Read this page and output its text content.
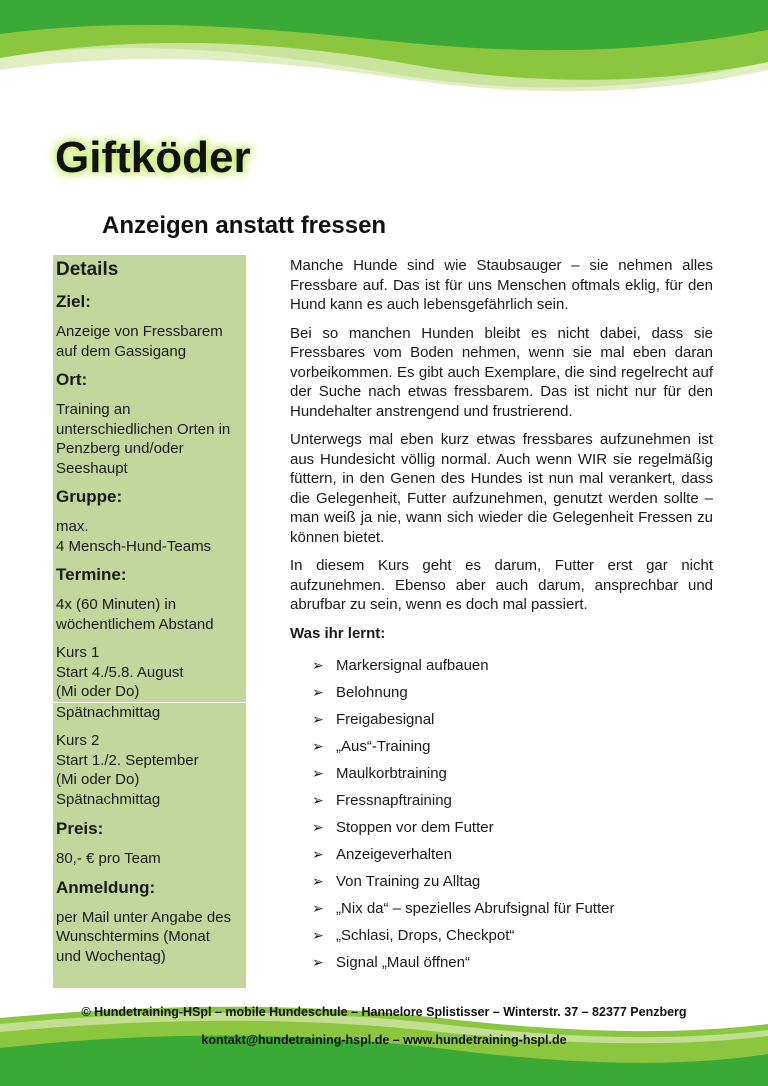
Giftköder
Anzeigen anstatt fressen
Details
Ziel:

Anzeige von Fressbarem
auf dem Gassigang

Ort:

Training an
unterschiedlichen Orten in
Penzberg und/oder
Seeshaupt

Gruppe:

max.
4 Mensch-Hund-Teams

Termine:

4x (60 Minuten) in
wöchentlichem Abstand

Kurs 1
Start 4./5.8. August
(Mi oder Do)

Spätnachmittag

Kurs 2
Start 1./2. September
(Mi oder Do)
Spätnachmittag

Preis:

80,- € pro Team

Anmeldung:

per Mail unter Angabe des
Wunschtermins (Monat
und Wochentag)

Manche Hunde sind wie Staubsauger – sie nehmen alles Fressbare auf. Das ist für uns Menschen oftmals eklig, für den Hund kann es auch lebensgefährlich sein.

Bei so manchen Hunden bleibt es nicht dabei, dass sie Fressbares vom Boden nehmen, wenn sie mal eben daran vorbeikommen. Es gibt auch Exemplare, die sind regelrecht auf der Suche nach etwas fressbarem. Das ist nicht nur für den Hundehalter anstrengend und frustrierend.

Unterwegs mal eben kurz etwas fressbares aufzunehmen ist aus Hundesicht völlig normal. Auch wenn WIR sie regelmäßig füttern, in den Genen des Hundes ist nun mal verankert, dass die Gelegenheit, Futter aufzunehmen, genutzt werden sollte – man weiß ja nie, wann sich wieder die Gelegenheit Fressen zu können bietet.

In diesem Kurs geht es darum, Futter erst gar nicht aufzunehmen. Ebenso aber auch darum, ansprechbar und abrufbar zu sein, wenn es doch mal passiert.

Was ihr lernt:
➢ Markersignal aufbauen
➢ Belohnung
➢ Freigabesignal
➢ „Aus“-Training
➢ Maulkorbtraining
➢ Fressnapftraining
➢ Stoppen vor dem Futter
➢ Anzeigeverhalten
➢ Von Training zu Alltag
➢ „Nix da“ – spezielles Abrufsignal für Futter
➢ „Schlasi, Drops, Checkpot“
➢ Signal „Maul öffnen“
© Hundetraining-HSpl – mobile Hundeschule – Hannelore Splistisser – Winterstr. 37 – 82377 Penzberg
kontakt@hundetraining-hspl.de – www.hundetraining-hspl.de
